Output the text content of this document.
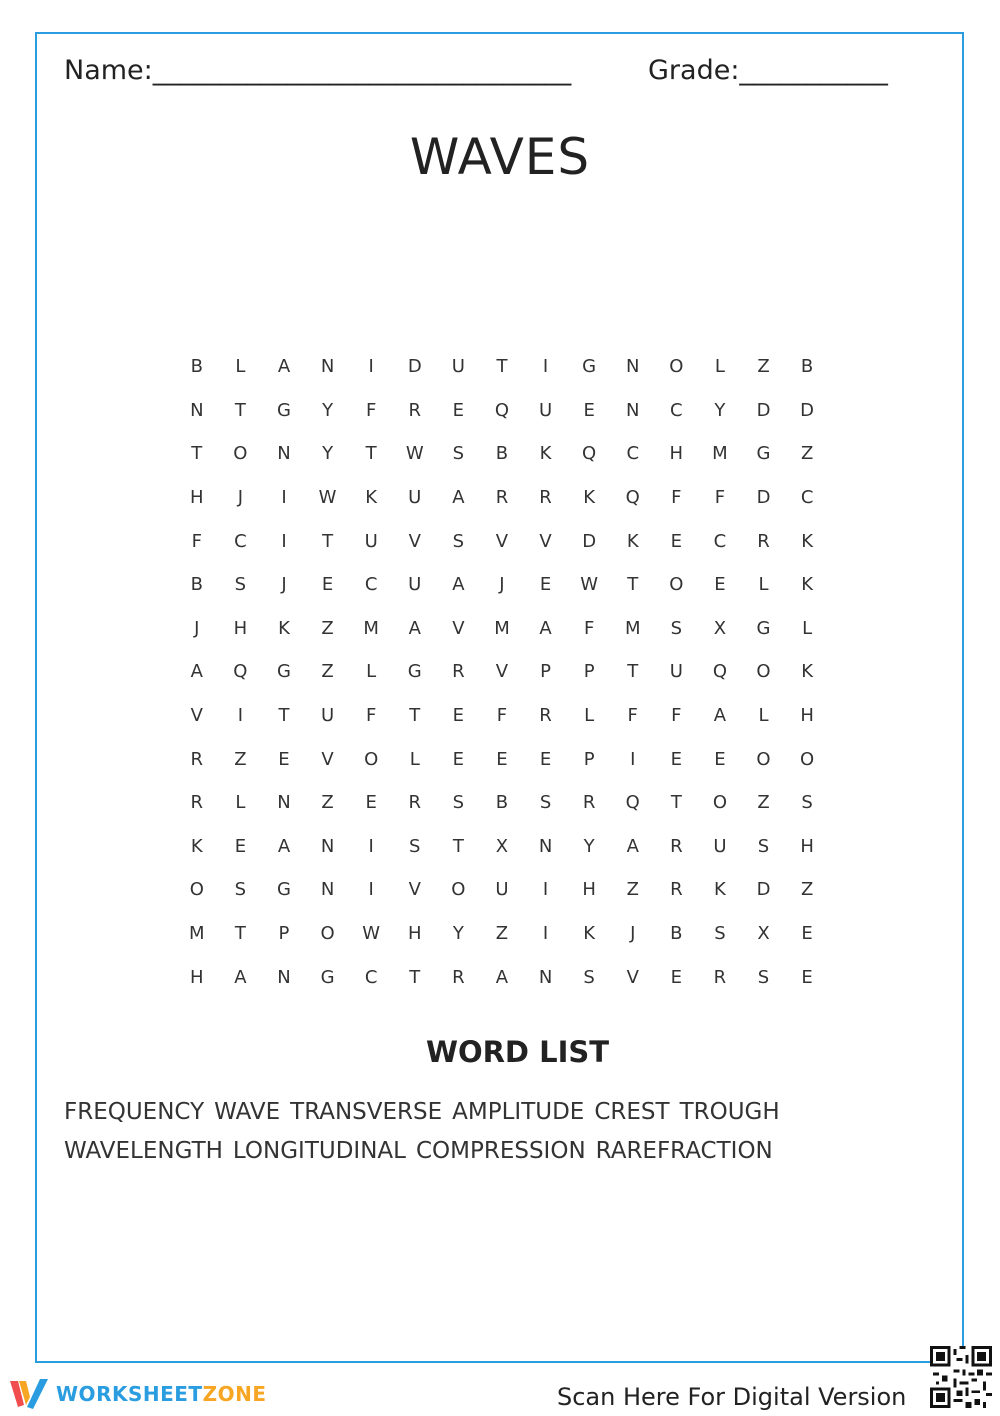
Name:_______________________________	Grade:___________
WAVES
B	L	A	N	I	D	U	T	I	G	N	O	L	Z	B
N	T	G	Y	F	R	E	Q	U	E	N	C	Y	D	D
T	O	N	Y	T	W	S	B	K	Q	C	H	M	G	Z
H	J	I	W	K	U	A	R	R	K	Q	F	F	D	C
F	C	I	T	U	V	S	V	V	D	K	E	C	R	K
B	S	J	E	C	U	A	J	E	W	T	O	E	L	K
J	H	K	Z	M	A	V	M	A	F	M	S	X	G	L
A	Q	G	Z	L	G	R	V	P	P	T	U	Q	O	K
V	I	T	U	F	T	E	F	R	L	F	F	A	L	H
R	Z	E	V	O	L	E	E	E	P	I	E	E	O	O
R	L	N	Z	E	R	S	B	S	R	Q	T	O	Z	S
K	E	A	N	I	S	T	X	N	Y	A	R	U	S	H
O	S	G	N	I	V	O	U	I	H	Z	R	K	D	Z
M	T	P	O	W	H	Y	Z	I	K	J	B	S	X	E
H	A	N	G	C	T	R	A	N	S	V	E	R	S	E
WORD LIST
FREQUENCY WAVE TRANSVERSE AMPLITUDE CREST TROUGHWAVELENGTH LONGITUDINAL COMPRESSION RAREFRACTION
WORKSHEETZONE	Scan Here For Digital Version
